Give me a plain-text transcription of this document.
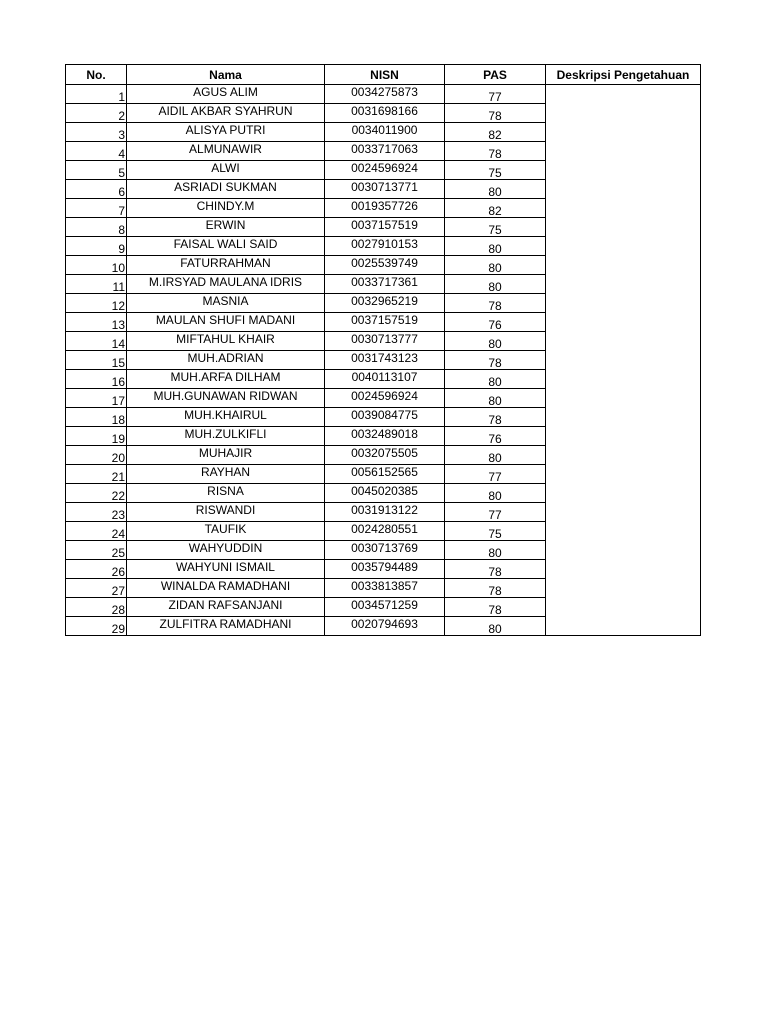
No.	Nama	NISN	PAS	Deskripsi Pengetahuan
1	AGUS ALIM	0034275873	77	
2	AIDIL AKBAR SYAHRUN	0031698166	78	
3	ALISYA PUTRI	0034011900	82	
4	ALMUNAWIR	0033717063	78	
5	ALWI	0024596924	75	
6	ASRIADI SUKMAN	0030713771	80	
7	CHINDY.M	0019357726	82	
8	ERWIN	0037157519	75	
9	FAISAL WALI SAID	0027910153	80	
10	FATURRAHMAN	0025539749	80	
11	M.IRSYAD MAULANA IDRIS	0033717361	80	
12	MASNIA	0032965219	78	
13	MAULAN SHUFI MADANI	0037157519	76	
14	MIFTAHUL KHAIR	0030713777	80	
15	MUH.ADRIAN	0031743123	78	
16	MUH.ARFA DILHAM	0040113107	80	
17	MUH.GUNAWAN RIDWAN	0024596924	80	
18	MUH.KHAIRUL	0039084775	78	
19	MUH.ZULKIFLI	0032489018	76	
20	MUHAJIR	0032075505	80	
21	RAYHAN	0056152565	77	
22	RISNA	0045020385	80	
23	RISWANDI	0031913122	77	
24	TAUFIK	0024280551	75	
25	WAHYUDDIN	0030713769	80	
26	WAHYUNI ISMAIL	0035794489	78	
27	WINALDA RAMADHANI	0033813857	78	
28	ZIDAN RAFSANJANI	0034571259	78	
29	ZULFITRA RAMADHANI	0020794693	80	
